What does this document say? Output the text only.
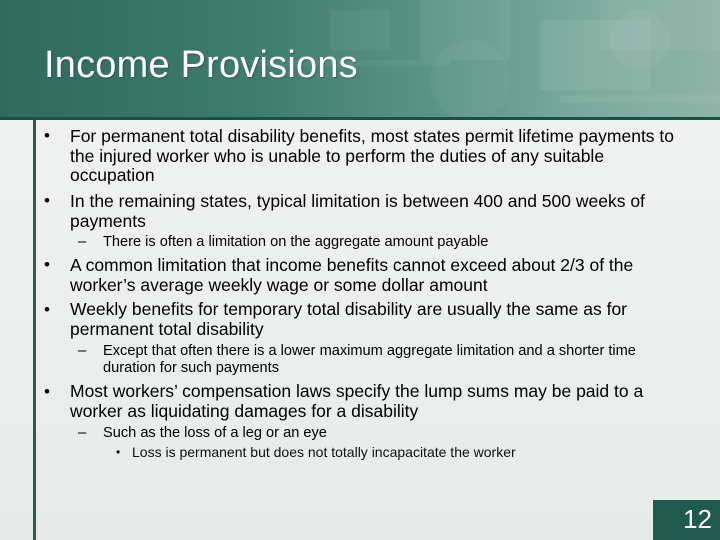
Income Provisions
• For permanent total disability benefits, most states permit lifetime payments to the injured worker who is unable to perform the duties of any suitable occupation
• In the remaining states, typical limitation is between 400 and 500 weeks of payments
– There is often a limitation on the aggregate amount payable
• A common limitation that income benefits cannot exceed about 2/3 of the worker’s average weekly wage or some dollar amount
• Weekly benefits for temporary total disability are usually the same as for permanent total disability
– Except that often there is a lower maximum aggregate limitation and a shorter time duration for such payments
• Most workers’ compensation laws specify the lump sums may be paid to a worker as liquidating damages for a disability
– Such as the loss of a leg or an eye
• Loss is permanent but does not totally incapacitate the worker
12
